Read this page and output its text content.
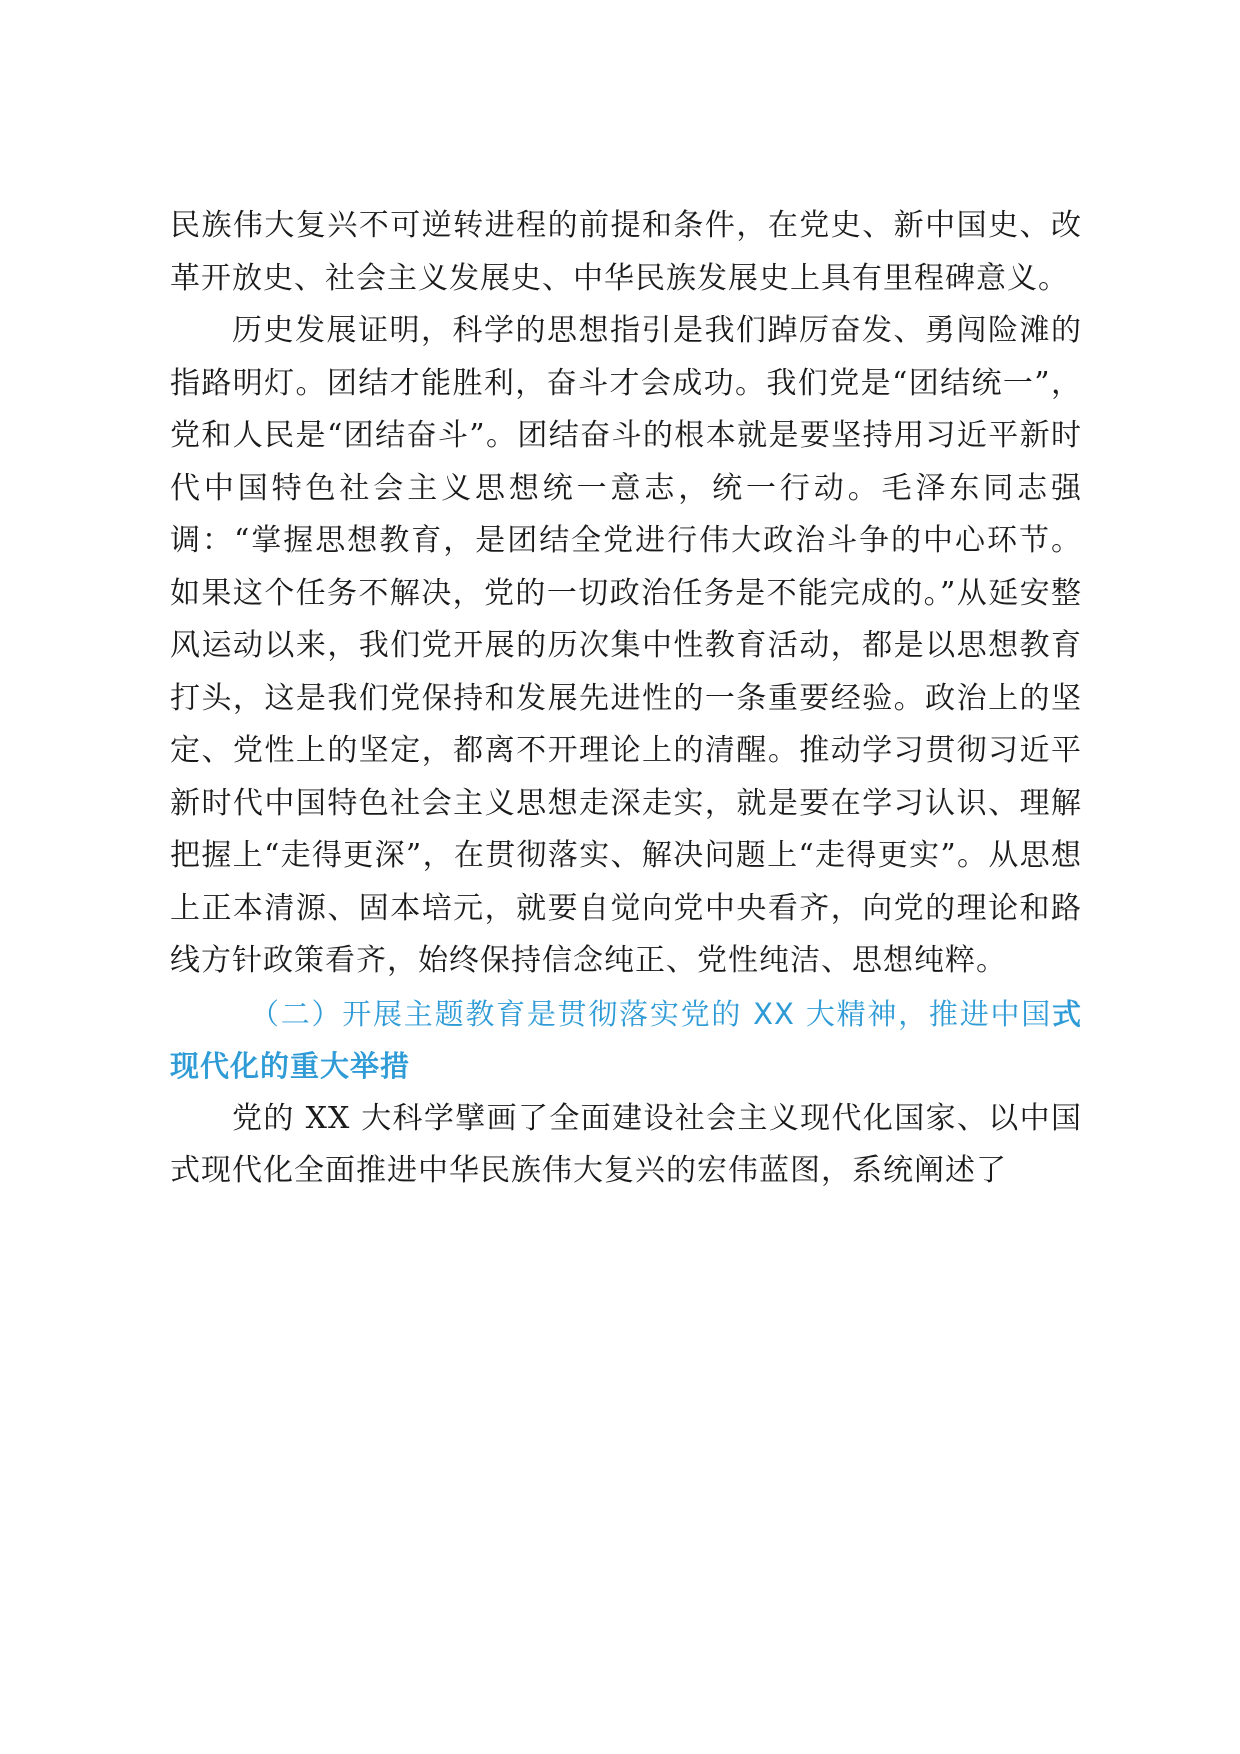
民族伟大复兴不可逆转进程的前提和条件，在党史、新中国史、改革开放史、社会主义发展史、中华民族发展史上具有里程碑意义。

历史发展证明，科学的思想指引是我们踔厉奋发、勇闯险滩的指路明灯。团结才能胜利，奋斗才会成功。我们党是“团结统一”，党和人民是“团结奋斗”。团结奋斗的根本就是要坚持用习近平新时代中国特色社会主义思想统一意志，统一行动。毛泽东同志强调：“掌握思想教育，是团结全党进行伟大政治斗争的中心环节。如果这个任务不解决，党的一切政治任务是不能完成的。”从延安整风运动以来，我们党开展的历次集中性教育活动，都是以思想教育打头，这是我们党保持和发展先进性的一条重要经验。政治上的坚定、党性上的坚定，都离不开理论上的清醒。推动学习贯彻习近平新时代中国特色社会主义思想走深走实，就是要在学习认识、理解把握上“走得更深”，在贯彻落实、解决问题上“走得更实”。从思想上正本清源、固本培元，就要自觉向党中央看齐，向党的理论和路线方针政策看齐，始终保持信念纯正、党性纯洁、思想纯粹。

（二）开展主题教育是贯彻落实党的 XX 大精神，推进中国式现代化的重大举措

党的 XX 大科学擘画了全面建设社会主义现代化国家、以中国式现代化全面推进中华民族伟大复兴的宏伟蓝图，系统阐述了
